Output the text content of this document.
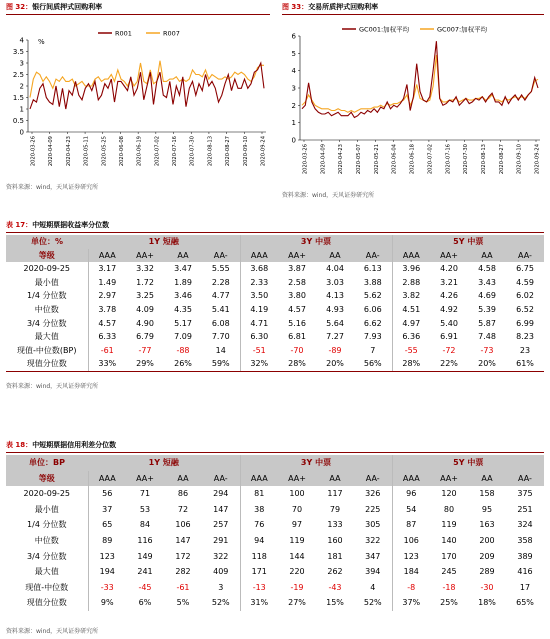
图 32：银行间质押式回购利率
0
0.5
1
1.5
2
2.5
3
3.5
4 %
2020-03-26 2020-04-09 2020-04-23 2020-05-11 2020-05-25 2020-06-08 2020-06-19 2020-07-02 2020-07-16 2020-07-30 2020-08-13 2020-08-27 2020-09-10 2020-09-24
R001	R007
资料来源：wind，天风证券研究所
图 33：交易所质押式回购利率
0
1
2
3
4
5
6
2020-03-26 2020-04-09 2020-04-23 2020-05-07 2020-05-21 2020-06-04 2020-06-18 2020-07-02 2020-07-16 2020-07-30 2020-08-13 2020-08-27 2020-09-10 2020-09-24
GC001:加权平均	GC007:加权平均
资料来源：wind，天风证券研究所
表 17：中短期票据收益率分位数
单位：%	1Y 短融				3Y 中票				5Y 中票			
等级	AAA	AA+	AA	AA-	AAA	AA+	AA	AA-	AAA	AA+	AA	AA-
2020-09-25	3.17	3.32	3.47	5.55	3.68	3.87	4.04	6.13	3.96	4.20	4.58	6.75
最小值	1.49	1.72	1.89	2.28	2.33	2.58	3.03	3.88	2.88	3.21	3.43	4.59
1/4 分位数	2.97	3.25	3.46	4.77	3.50	3.80	4.13	5.62	3.82	4.26	4.69	6.02
中位数	3.78	4.09	4.35	5.41	4.19	4.57	4.93	6.06	4.51	4.92	5.39	6.52
3/4 分位数	4.57	4.90	5.17	6.08	4.71	5.16	5.64	6.62	4.97	5.40	5.87	6.99
最大值	6.33	6.79	7.09	7.70	6.30	6.81	7.27	7.93	6.36	6.91	7.48	8.23
现值-中位数(BP)	-61	-77	-88	14	-51	-70	-89	7	-55	-72	-73	23
现值分位数	33%	29%	26%	59%	32%	28%	20%	56%	28%	22%	20%	61%
资料来源：wind，天风证券研究所
表 18：中短期票据信用利差分位数
单位：BP	1Y 短融				3Y 中票				5Y 中票			
等级	AAA	AA+	AA	AA-	AAA	AA+	AA	AA-	AAA	AA+	AA	AA-
2020-09-25	56	71	86	294	81	100	117	326	96	120	158	375
最小值	37	53	72	147	38	70	79	225	54	80	95	251
1/4 分位数	65	84	106	257	76	97	133	305	87	119	163	324
中位数	89	116	147	291	94	119	160	322	106	140	200	358
3/4 分位数	123	149	172	322	118	144	181	347	123	170	209	389
最大值	194	241	282	409	171	220	262	394	184	245	289	416
现值-中位数	-33	-45	-61	3	-13	-19	-43	4	-8	-18	-30	17
现值分位数	9%	6%	5%	52%	31%	27%	15%	52%	37%	25%	18%	65%
资料来源：wind，天风证券研究所
